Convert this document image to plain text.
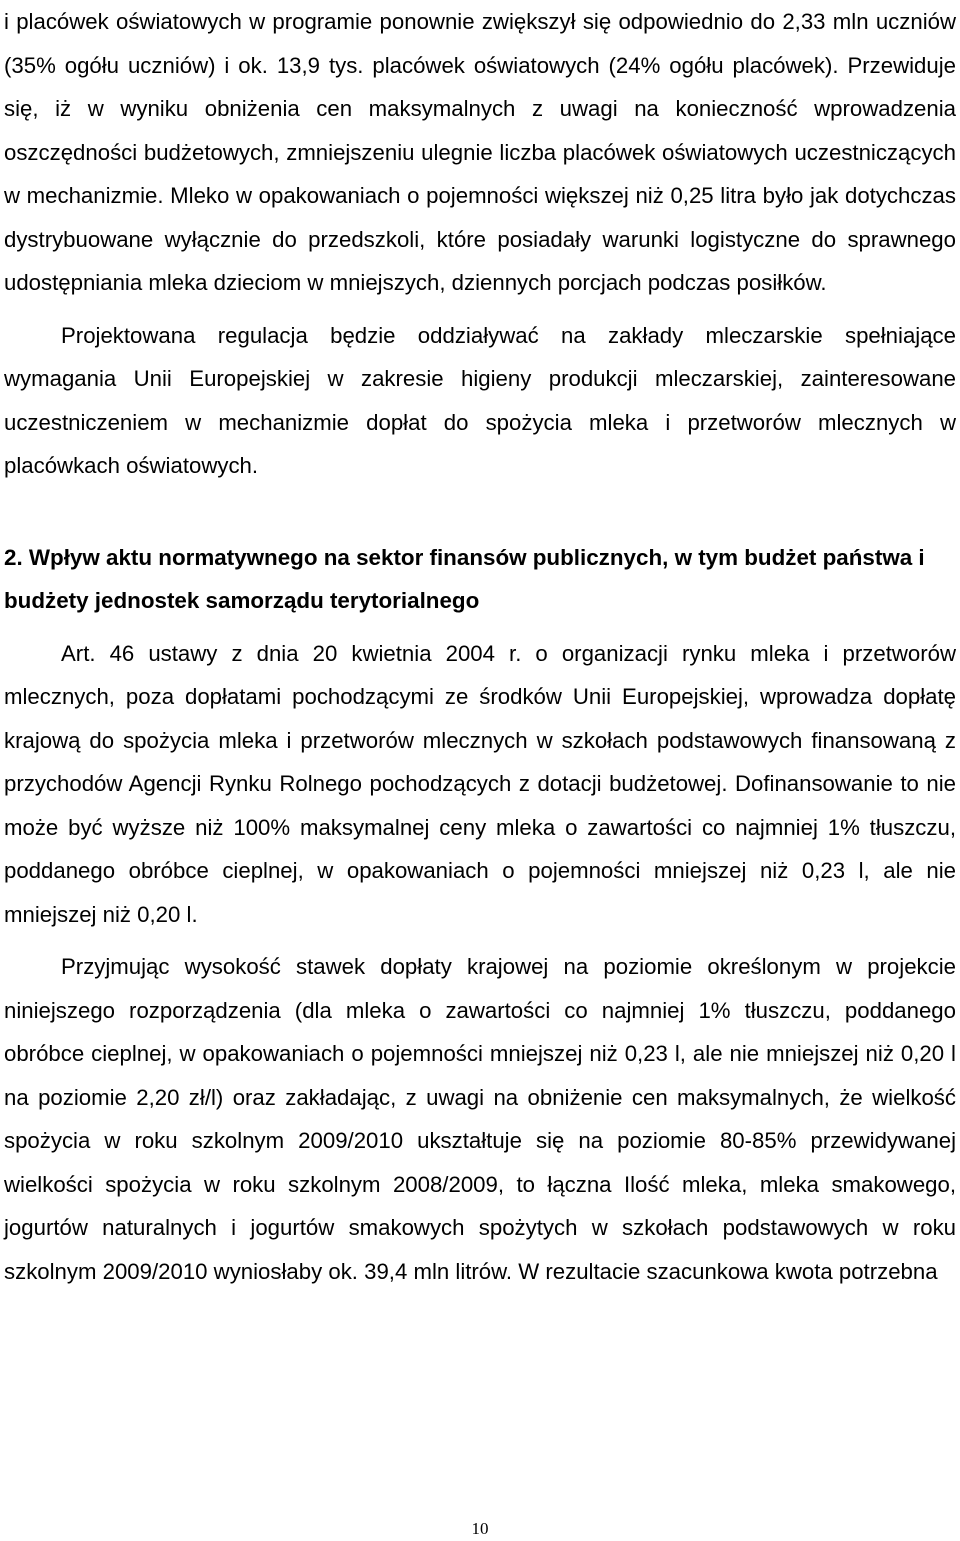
i placówek oświatowych w programie ponownie zwiększył się odpowiednio do 2,33 mln uczniów (35% ogółu uczniów) i ok. 13,9 tys. placówek oświatowych (24% ogółu placówek). Przewiduje się, iż w wyniku obniżenia cen maksymalnych z uwagi na konieczność wprowadzenia oszczędności budżetowych, zmniejszeniu ulegnie liczba placówek oświatowych uczestniczących w mechanizmie. Mleko w opakowaniach o pojemności większej niż 0,25 litra było jak dotychczas dystrybuowane wyłącznie do przedszkoli, które posiadały warunki logistyczne do sprawnego udostępniania mleka dzieciom w mniejszych, dziennych porcjach podczas posiłków.

Projektowana regulacja będzie oddziaływać na zakłady mleczarskie spełniające wymagania Unii Europejskiej w zakresie higieny produkcji mleczarskiej, zainteresowane uczestniczeniem w mechanizmie dopłat do spożycia mleka i przetworów mlecznych w placówkach oświatowych.

2. Wpływ aktu normatywnego na sektor finansów publicznych, w tym budżet państwa i budżety jednostek samorządu terytorialnego

Art. 46 ustawy z dnia 20 kwietnia 2004 r. o organizacji rynku mleka i przetworów mlecznych, poza dopłatami pochodzącymi ze środków Unii Europejskiej, wprowadza dopłatę krajową do spożycia mleka i przetworów mlecznych w szkołach podstawowych finansowaną z przychodów Agencji Rynku Rolnego pochodzących z dotacji budżetowej. Dofinansowanie to nie może być wyższe niż 100% maksymalnej ceny mleka o zawartości co najmniej 1% tłuszczu, poddanego obróbce cieplnej, w opakowaniach o pojemności mniejszej niż 0,23 l, ale nie mniejszej niż 0,20 l.

Przyjmując wysokość stawek dopłaty krajowej na poziomie określonym w projekcie niniejszego rozporządzenia (dla mleka o zawartości co najmniej 1% tłuszczu, poddanego obróbce cieplnej, w opakowaniach o pojemności mniejszej niż 0,23 l, ale nie mniejszej niż 0,20 l na poziomie 2,20 zł/l) oraz zakładając, z uwagi na obniżenie cen maksymalnych, że wielkość spożycia w roku szkolnym 2009/2010 ukształtuje się na poziomie 80-85% przewidywanej wielkości spożycia w roku szkolnym 2008/2009, to łączna Ilość mleka, mleka smakowego, jogurtów naturalnych i jogurtów smakowych spożytych w szkołach podstawowych w roku szkolnym 2009/2010 wyniosłaby ok. 39,4 mln litrów. W rezultacie szacunkowa kwota potrzebna

10
